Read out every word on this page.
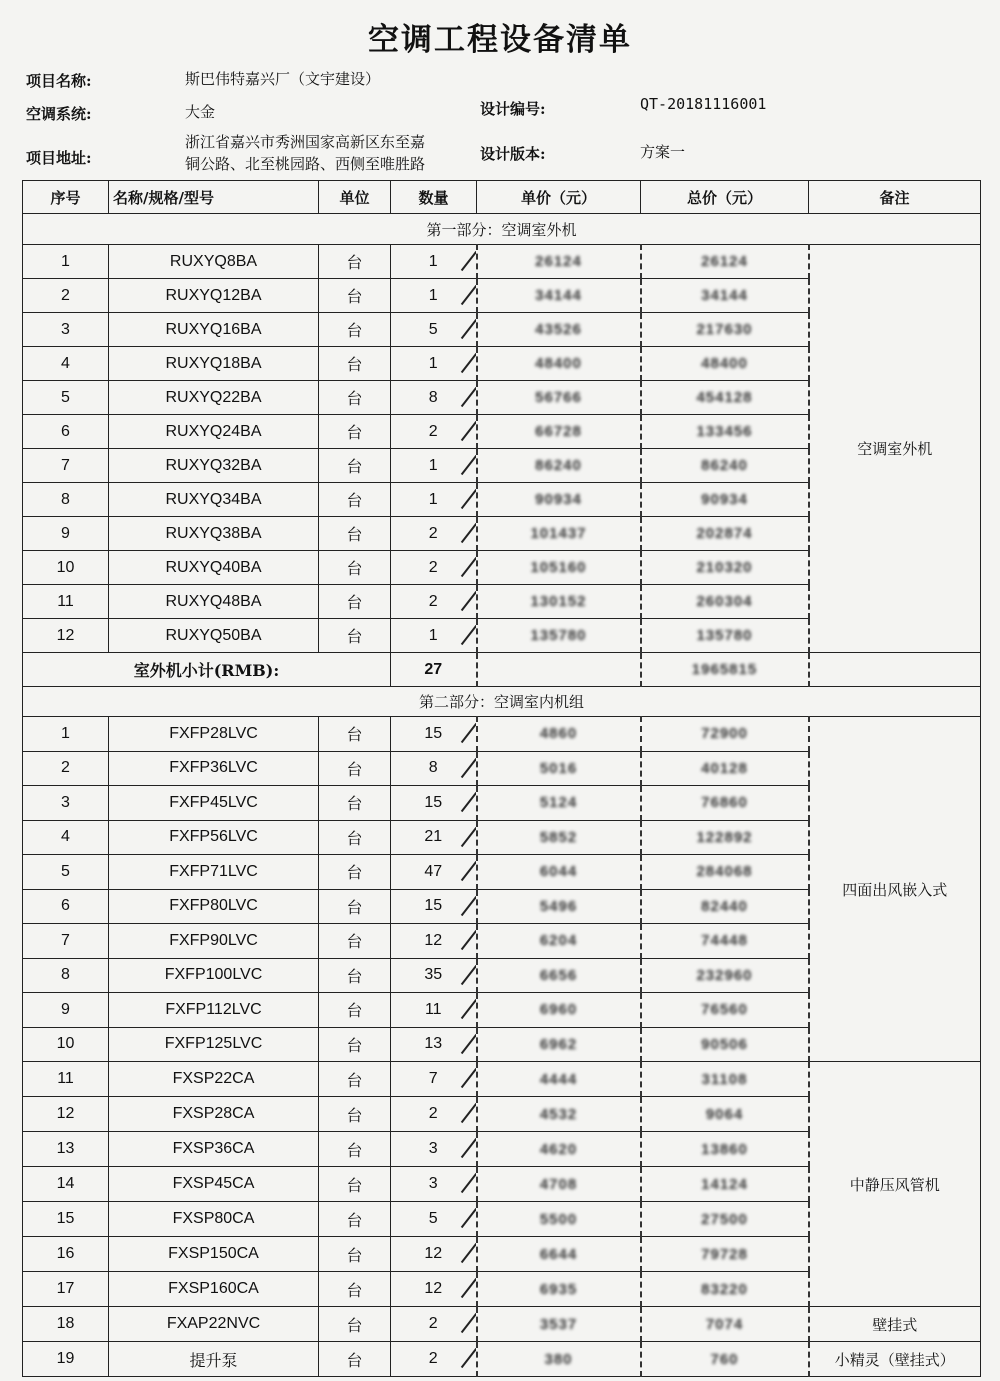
空调工程设备清单
项目名称:	斯巴伟特嘉兴厂（文宇建设）
空调系统:	大金	设计编号:	QT-20181116001
项目地址:
浙江省嘉兴市秀洲国家高新区东至嘉
铜公路、北至桃园路、西侧至唯胜路
设计版本:	方案一
序号	名称/规格/型号	单位	数量	单价（元）	总价（元）	备注
第一部分：空调室外机						
1	RUXYQ8BA	台	1	26124	26124	空调室外机
2	RUXYQ12BA	台	1	34144	34144	
3	RUXYQ16BA	台	5	43526	217630	
4	RUXYQ18BA	台	1	48400	48400	
5	RUXYQ22BA	台	8	56766	454128	
6	RUXYQ24BA	台	2	66728	133456	
7	RUXYQ32BA	台	1	86240	86240	
8	RUXYQ34BA	台	1	90934	90934	
9	RUXYQ38BA	台	2	101437	202874	
10	RUXYQ40BA	台	2	105160	210320	
11	RUXYQ48BA	台	2	130152	260304	
12	RUXYQ50BA	台	1	135780	135780	
室外机小计(RMB):			27		1965815	
第二部分：空调室内机组						
1	FXFP28LVC	台	15	4860	72900	四面出风嵌入式
2	FXFP36LVC	台	8	5016	40128	
3	FXFP45LVC	台	15	5124	76860	
4	FXFP56LVC	台	21	5852	122892	
5	FXFP71LVC	台	47	6044	284068	
6	FXFP80LVC	台	15	5496	82440	
7	FXFP90LVC	台	12	6204	74448	
8	FXFP100LVC	台	35	6656	232960	
9	FXFP112LVC	台	11	6960	76560	
10	FXFP125LVC	台	13	6962	90506	
11	FXSP22CA	台	7	4444	31108	中静压风管机
12	FXSP28CA	台	2	4532	9064	
13	FXSP36CA	台	3	4620	13860	
14	FXSP45CA	台	3	4708	14124	
15	FXSP80CA	台	5	5500	27500	
16	FXSP150CA	台	12	6644	79728	
17	FXSP160CA	台	12	6935	83220	
18	FXAP22NVC	台	2	3537	7074	壁挂式
19	提升泵	台	2	380	760	小精灵（壁挂式）
